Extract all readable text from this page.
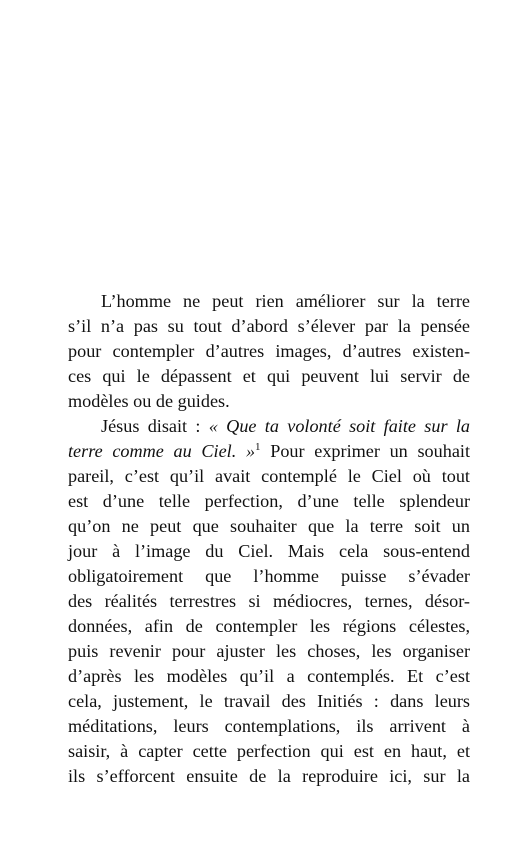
L’homme ne peut rien améliorer sur la terre
s’il n’a pas su tout d’abord s’élever par la pensée
pour contempler d’autres images, d’autres existen-
ces qui le dépassent et qui peuvent lui servir de
modèles ou de guides.
Jésus disait : « Que ta volonté soit faite sur la
terre comme au Ciel. »$^1$ Pour exprimer un souhait
pareil, c’est qu’il avait contemplé le Ciel où tout
est d’une telle perfection, d’une telle splendeur
qu’on ne peut que souhaiter que la terre soit un
jour à l’image du Ciel. Mais cela sous-entend
obligatoirement que l’homme puisse s’évader
des réalités terrestres si médiocres, ternes, désor-
données, afin de contempler les régions célestes,
puis revenir pour ajuster les choses, les organiser
d’après les modèles qu’il a contemplés. Et c’est
cela, justement, le travail des Initiés : dans leurs
méditations, leurs contemplations, ils arrivent à
saisir, à capter cette perfection qui est en haut, et
ils s’efforcent ensuite de la reproduire ici, sur la
